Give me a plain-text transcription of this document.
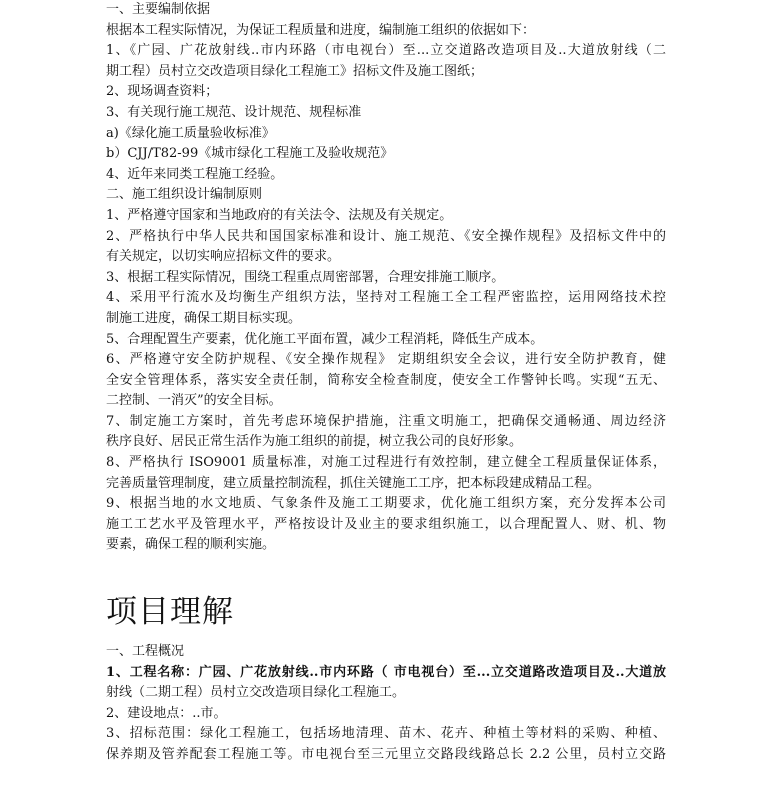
一、主要编制依据
根据本工程实际情况，为保证工程质量和进度，编制施工组织的依据如下：
1、《广园、广花放射线..市内环路（市电视台）至...立交道路改造项目及..大道放射线（二
期工程）员村立交改造项目绿化工程施工》招标文件及施工图纸；
2、现场调查资料；
3、有关现行施工规范、设计规范、规程标准
a)《绿化施工质量验收标准》
b）CJJ/T82-99《城市绿化工程施工及验收规范》
4、近年来同类工程施工经验。
二、施工组织设计编制原则
1、严格遵守国家和当地政府的有关法令、法规及有关规定。
2、严格执行中华人民共和国国家标准和设计、施工规范、《安全操作规程》及招标文件中的
有关规定，以切实响应招标文件的要求。
3、根据工程实际情况，围绕工程重点周密部署，合理安排施工顺序。
4、采用平行流水及均衡生产组织方法，坚持对工程施工全工程严密监控，运用网络技术控
制施工进度，确保工期目标实现。
5、合理配置生产要素，优化施工平面布置，减少工程消耗，降低生产成本。
6、严格遵守安全防护规程、《安全操作规程》 定期组织安全会议，进行安全防护教育，健
全安全管理体系，落实安全责任制，简称安全检查制度，使安全工作警钟长鸣。实现“五无、
二控制、一消灭”的安全目标。
7、制定施工方案时，首先考虑环境保护措施，注重文明施工，把确保交通畅通、周边经济
秩序良好、居民正常生活作为施工组织的前提，树立我公司的良好形象。
8、严格执行 ISO9001 质量标准，对施工过程进行有效控制，建立健全工程质量保证体系，
完善质量管理制度，建立质量控制流程，抓住关键施工工序，把本标段建成精品工程。
9、根据当地的水文地质、气象条件及施工工期要求，优化施工组织方案，充分发挥本公司
施工工艺水平及管理水平，严格按设计及业主的要求组织施工，以合理配置人、财、机、物
要素，确保工程的顺利实施。
项目理解
一、工程概况
1、工程名称：广园、广花放射线..市内环路（ 市电视台）至...立交道路改造项目及..大道放
射线（二期工程）员村立交改造项目绿化工程施工。
2、建设地点：..市。
3、招标范围：绿化工程施工，包括场地清理、苗木、花卉、种植土等材料的采购、种植、
保养期及管养配套工程施工等。市电视台至三元里立交路段线路总长 2.2 公里，员村立交路
